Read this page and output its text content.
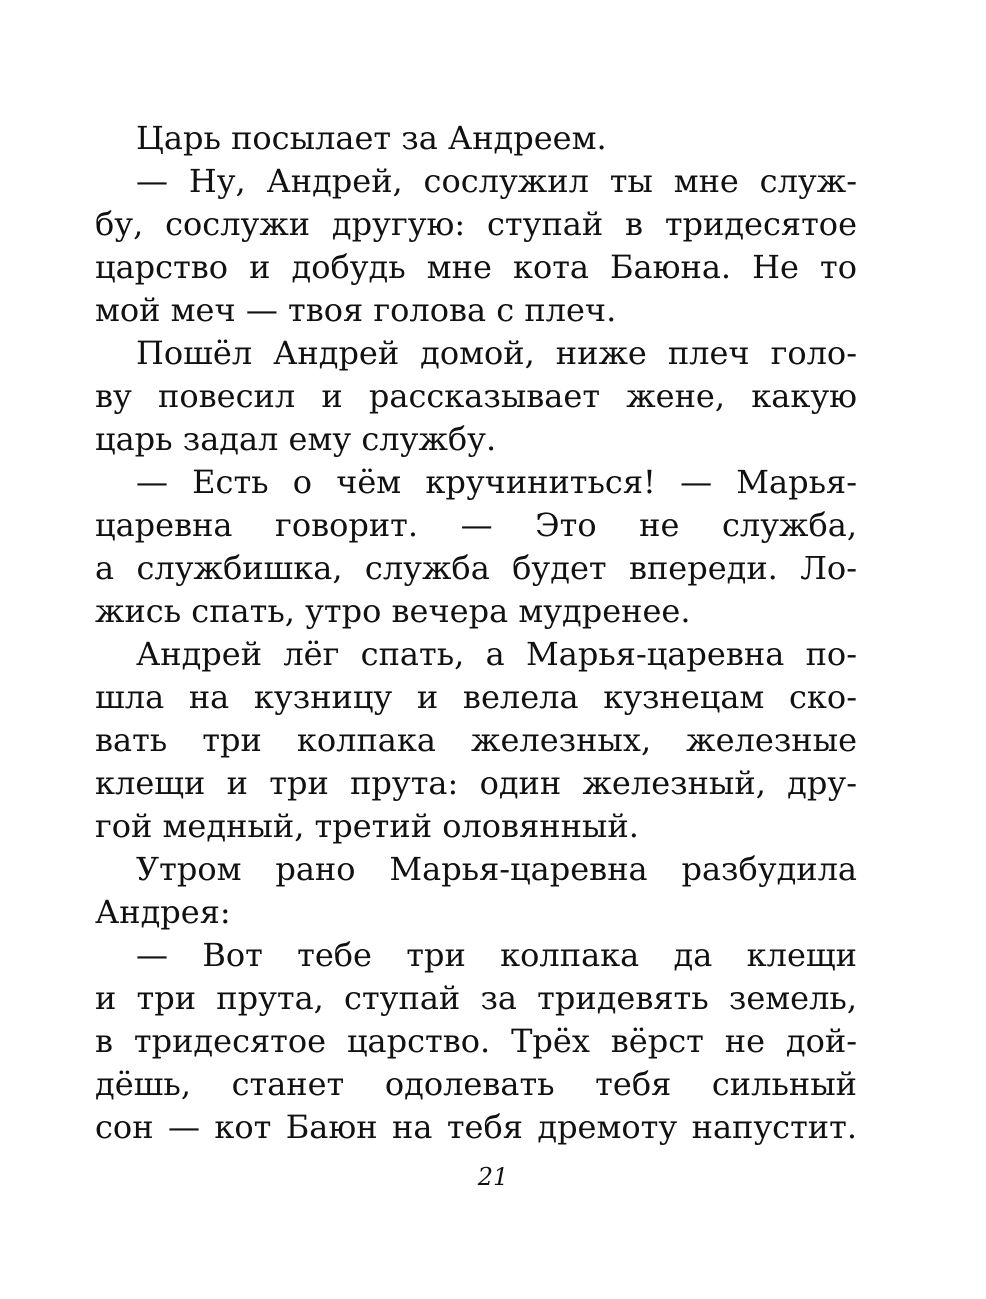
Царь посылает за Андреем.
— Ну, Андрей, сослужил ты мне служ-
бу, сослужи другую: ступай в тридесятое
царство и добудь мне кота Баюна. Не то
мой меч — твоя голова с плеч.
Пошёл Андрей домой, ниже плеч голо-
ву повесил и рассказывает жене, какую
царь задал ему службу.
— Есть о чём кручиниться! — Марья-
царевна говорит. — Это не служба,
а службишка, служба будет впереди. Ло-
жись спать, утро вечера мудренее.
Андрей лёг спать, а Марья-царевна по-
шла на кузницу и велела кузнецам ско-
вать три колпака железных, железные
клещи и три прута: один железный, дру-
гой медный, третий оловянный.
Утром рано Марья-царевна разбудила
Андрея:
— Вот тебе три колпака да клещи
и три прута, ступай за тридевять земель,
в тридесятое царство. Трёх вёрст не дой-
дёшь, станет одолевать тебя сильный
сон — кот Баюн на тебя дремоту напустит.
21
